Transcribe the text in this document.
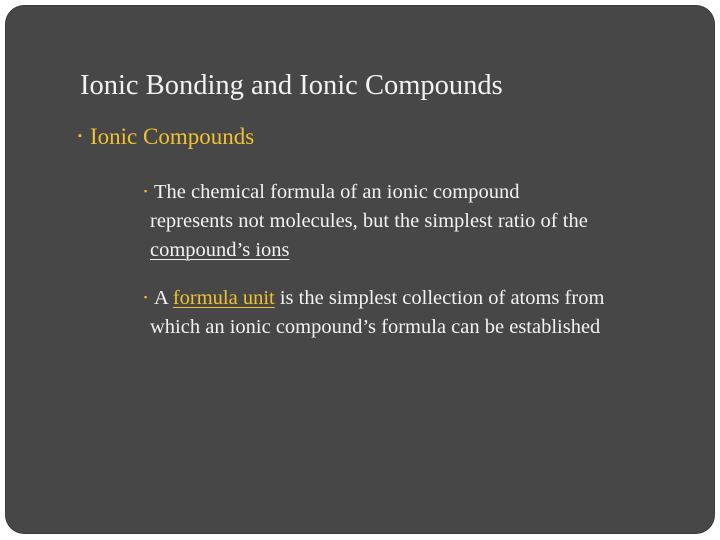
Ionic Bonding and Ionic Compounds
▪ Ionic Compounds
▪ The chemical formula of an ionic compound
represents not molecules, but the simplest ratio of the
compound’s ions
▪ A formula unit is the simplest collection of atoms from
which an ionic compound’s formula can be established
